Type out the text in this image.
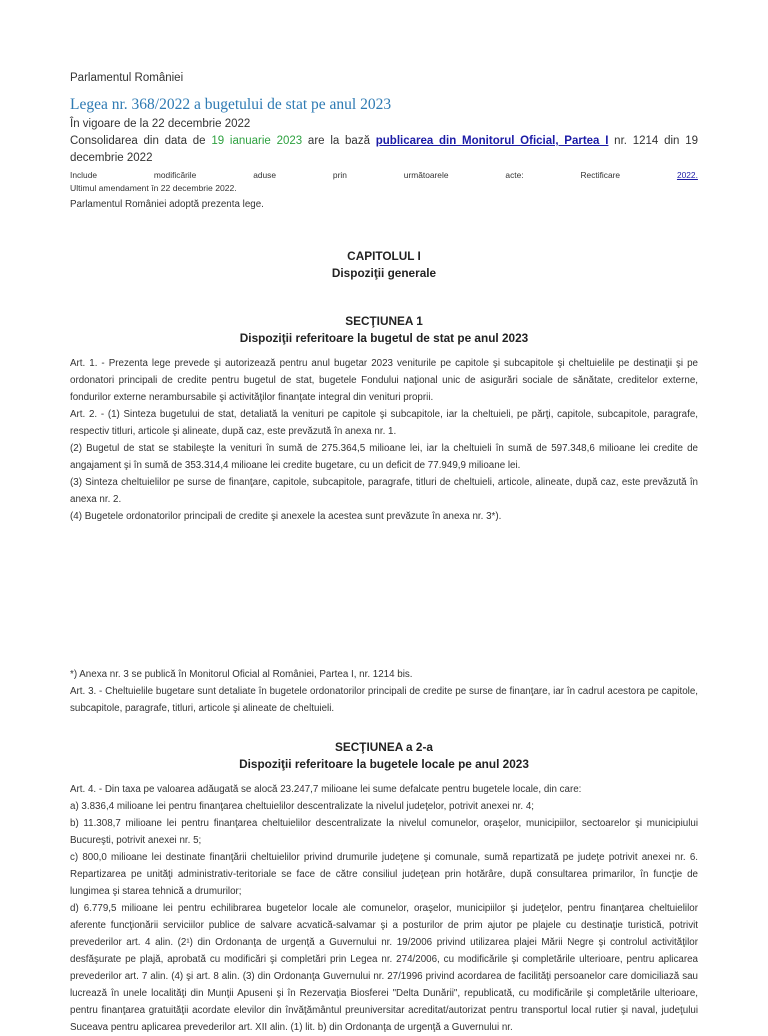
Parlamentul României
Legea nr. 368/2022 a bugetului de stat pe anul 2023

În vigoare de la 22 decembrie 2022

Consolidarea din data de 19 ianuarie 2023 are la bază publicarea din Monitorul Oficial, Partea I nr. 1214 din 19 decembrie 2022

Include	modificările	aduse	prin	următoarele	acte:	Rectificare	2022.

Ultimul amendament în 22 decembrie 2022.

Parlamentul României adoptă prezenta lege.

CAPITOLUL I
Dispoziţii generale
SECŢIUNEA 1
Dispoziţii referitoare la bugetul de stat pe anul 2023

Art. 1. - Prezenta lege prevede şi autorizează pentru anul bugetar 2023 veniturile pe capitole şi subcapitole şi cheltuielile pe destinaţii şi pe ordonatori principali de credite pentru bugetul de stat, bugetele Fondului naţional unic de asigurări sociale de sănătate, creditelor externe, fondurilor externe nerambursabile şi activităţilor finanţate integral din venituri proprii.

Art. 2. - (1) Sinteza bugetului de stat, detaliată la venituri pe capitole şi subcapitole, iar la cheltuieli, pe părţi, capitole, subcapitole, paragrafe, respectiv titluri, articole şi alineate, după caz, este prevăzută în anexa nr. 1.

(2) Bugetul de stat se stabileşte la venituri în sumă de 275.364,5 milioane lei, iar la cheltuieli în sumă de 597.348,6 milioane lei credite de angajament şi în sumă de 353.314,4 milioane lei credite bugetare, cu un deficit de 77.949,9 milioane lei.

(3) Sinteza cheltuielilor pe surse de finanţare, capitole, subcapitole, paragrafe, titluri de cheltuieli, articole, alineate, după caz, este prevăzută în anexa nr. 2.

(4) Bugetele ordonatorilor principali de credite şi anexele la acestea sunt prevăzute în anexa nr. 3*).

*) Anexa nr. 3 se publică în Monitorul Oficial al României, Partea I, nr. 1214 bis.

Art. 3. - Cheltuielile bugetare sunt detaliate în bugetele ordonatorilor principali de credite pe surse de finanţare, iar în cadrul acestora pe capitole, subcapitole, paragrafe, titluri, articole şi alineate de cheltuieli.

SECŢIUNEA a 2-a
Dispoziţii referitoare la bugetele locale pe anul 2023

Art. 4. - Din taxa pe valoarea adăugată se alocă 23.247,7 milioane lei sume defalcate pentru bugetele locale, din care:

a) 3.836,4 milioane lei pentru finanţarea cheltuielilor descentralizate la nivelul judeţelor, potrivit anexei nr. 4;

b) 11.308,7 milioane lei pentru finanţarea cheltuielilor descentralizate la nivelul comunelor, oraşelor, municipiilor, sectoarelor şi municipiului Bucureşti, potrivit anexei nr. 5;

c) 800,0 milioane lei destinate finanţării cheltuielilor privind drumurile judeţene şi comunale, sumă repartizată pe judeţe potrivit anexei nr. 6. Repartizarea pe unităţi administrativ-teritoriale se face de către consiliul judeţean prin hotărâre, după consultarea primarilor, în funcţie de lungimea şi starea tehnică a drumurilor;

d) 6.779,5 milioane lei pentru echilibrarea bugetelor locale ale comunelor, oraşelor, municipiilor şi judeţelor, pentru finanţarea cheltuielilor aferente funcţionării serviciilor publice de salvare acvatică-salvamar şi a posturilor de prim ajutor pe plajele cu destinaţie turistică, potrivit prevederilor art. 4 alin. (2¹) din Ordonanţa de urgenţă a Guvernului nr. 19/2006 privind utilizarea plajei Mării Negre şi controlul activităţilor desfăşurate pe plajă, aprobată cu modificări şi completări prin Legea nr. 274/2006, cu modificările şi completările ulterioare, pentru aplicarea prevederilor art. 7 alin. (4) şi art. 8 alin. (3) din Ordonanţa Guvernului nr. 27/1996 privind acordarea de facilităţi persoanelor care domiciliază sau lucrează în unele localităţi din Munţii Apuseni şi în Rezervaţia Biosferei "Delta Dunării", republicată, cu modificările şi completările ulterioare, pentru finanţarea gratuităţii acordate elevilor din învăţământul preuniversitar acreditat/autorizat pentru transportul local rutier şi naval, judeţului Suceava pentru aplicarea prevederilor art. XII alin. (1) lit. b) din Ordonanţa de urgenţă a Guvernului nr.
